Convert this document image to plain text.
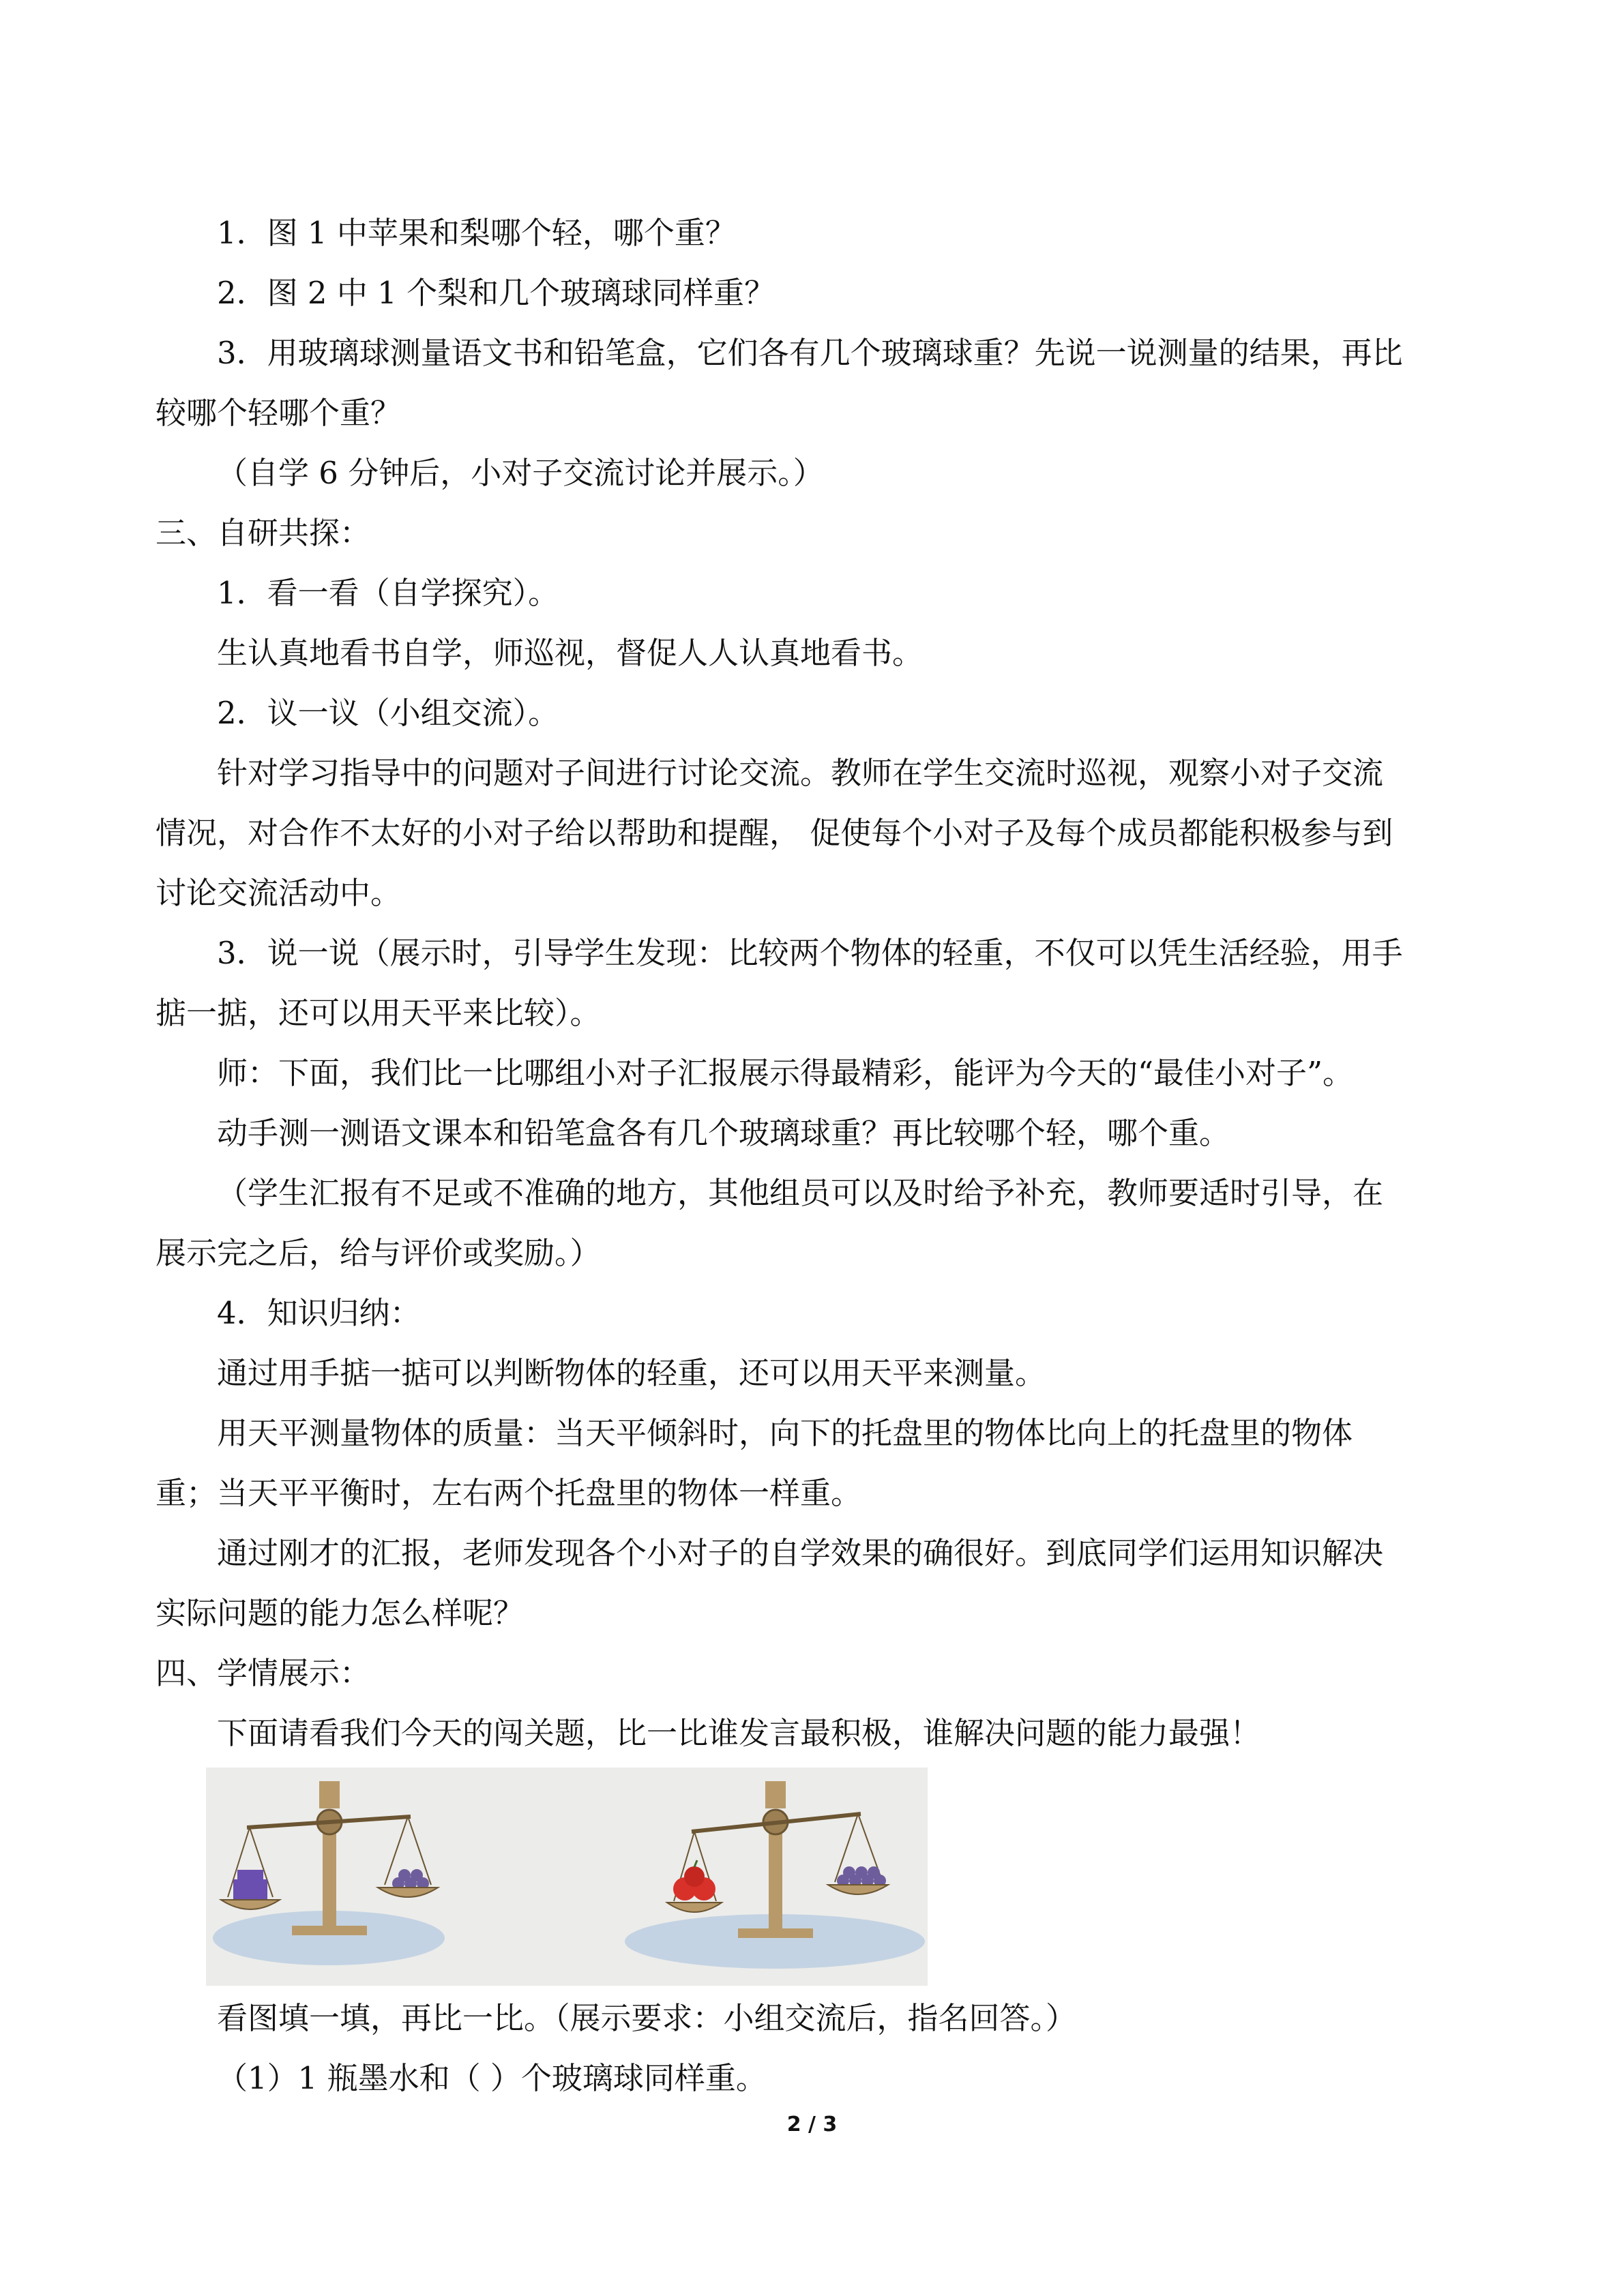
1．图 1 中苹果和梨哪个轻，哪个重？
2．图 2 中 1 个梨和几个玻璃球同样重？
3．用玻璃球测量语文书和铅笔盒，它们各有几个玻璃球重？先说一说测量的结果，再比
较哪个轻哪个重？
（自学 6 分钟后，小对子交流讨论并展示。）
三、自研共探：
1．看一看（自学探究）。
生认真地看书自学，师巡视，督促人人认真地看书。
2．议一议（小组交流）。
针对学习指导中的问题对子间进行讨论交流。教师在学生交流时巡视，观察小对子交流
情况，对合作不太好的小对子给以帮助和提醒， 促使每个小对子及每个成员都能积极参与到
讨论交流活动中。
3．说一说（展示时，引导学生发现：比较两个物体的轻重，不仅可以凭生活经验，用手
掂一掂，还可以用天平来比较）。
师：下面，我们比一比哪组小对子汇报展示得最精彩，能评为今天的“最佳小对子”。
动手测一测语文课本和铅笔盒各有几个玻璃球重？再比较哪个轻，哪个重。
（学生汇报有不足或不准确的地方，其他组员可以及时给予补充，教师要适时引导，在
展示完之后，给与评价或奖励。）
4．知识归纳：
通过用手掂一掂可以判断物体的轻重，还可以用天平来测量。
用天平测量物体的质量：当天平倾斜时，向下的托盘里的物体比向上的托盘里的物体
重；当天平平衡时，左右两个托盘里的物体一样重。
通过刚才的汇报，老师发现各个小对子的自学效果的确很好。到底同学们运用知识解决
实际问题的能力怎么样呢？
四、学情展示：
下面请看我们今天的闯关题，比一比谁发言最积极，谁解决问题的能力最强！
看图填一填，再比一比。（展示要求：小组交流后，指名回答。）
（1）1 瓶墨水和（ ）个玻璃球同样重。
2 / 3
